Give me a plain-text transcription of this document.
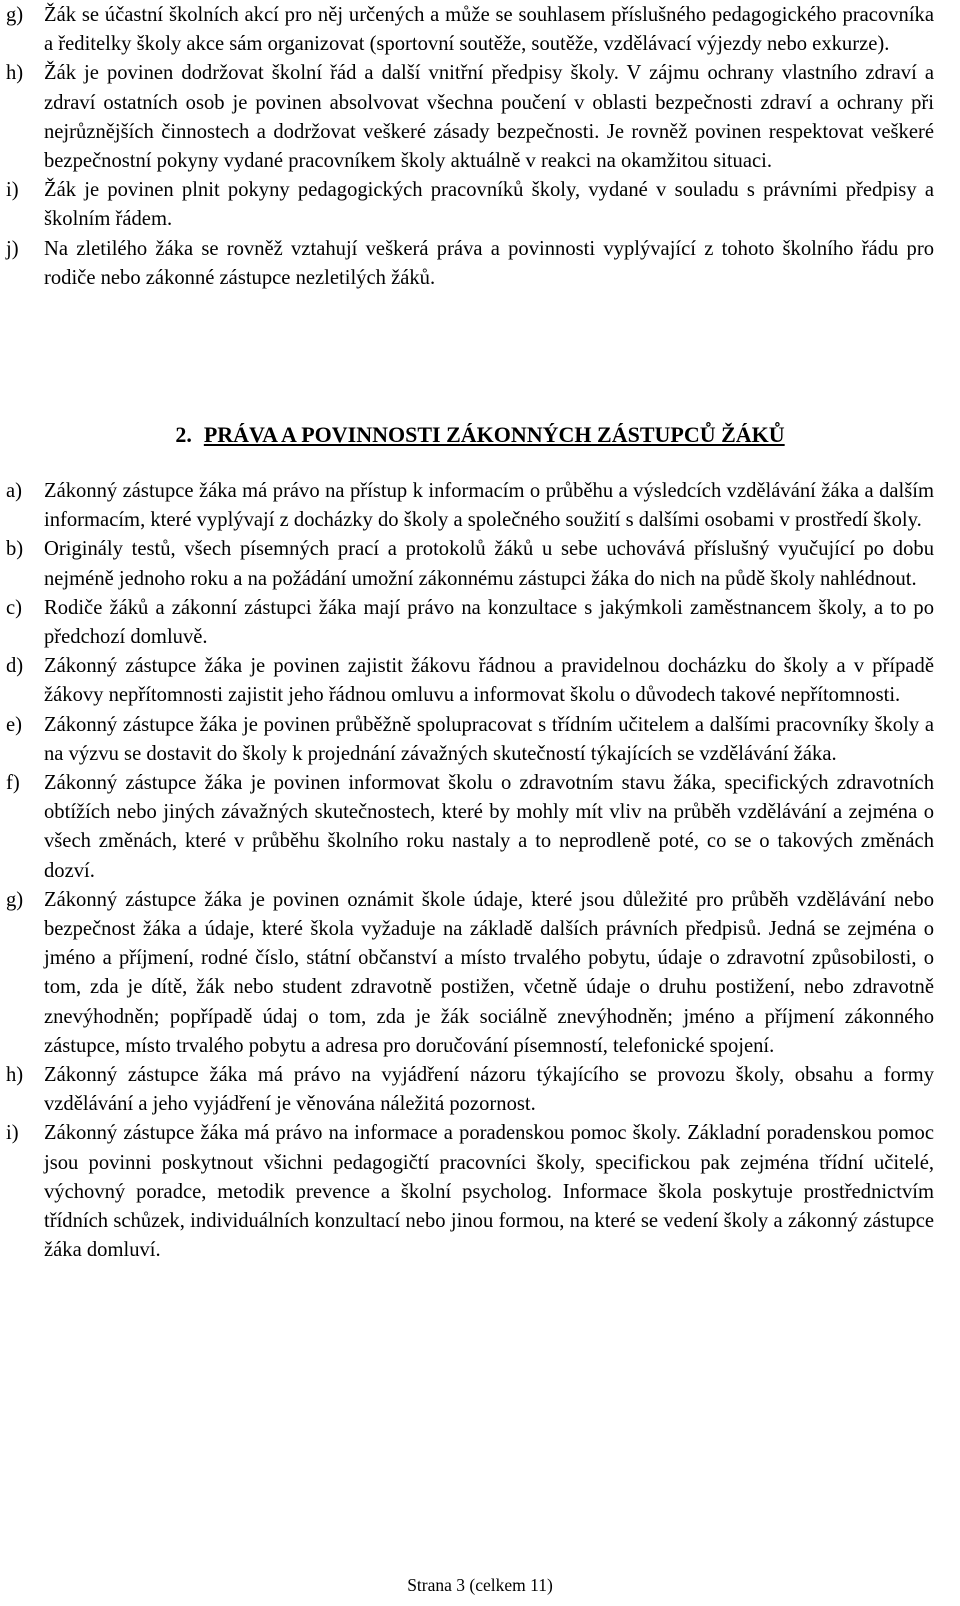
g)	Žák se účastní školních akcí pro něj určených a může se souhlasem příslušného pedagogického pracovníka a ředitelky školy akce sám organizovat (sportovní soutěže, soutěže, vzdělávací výjezdy nebo exkurze).
h)	Žák je povinen dodržovat školní řád a další vnitřní předpisy školy. V zájmu ochrany vlastního zdraví a zdraví ostatních osob je povinen absolvovat všechna poučení v oblasti bezpečnosti zdraví a ochrany při nejrůznějších činnostech a dodržovat veškeré zásady bezpečnosti. Je rovněž povinen respektovat veškeré bezpečnostní pokyny vydané pracovníkem školy aktuálně v reakci na okamžitou situaci.
i)	Žák je povinen plnit pokyny pedagogických pracovníků školy, vydané v souladu s právními předpisy a školním řádem.
j)	Na zletilého žáka se rovněž vztahují veškerá práva a povinnosti vyplývající z tohoto školního řádu pro rodiče nebo zákonné zástupce nezletilých žáků.
2. PRÁVA A POVINNOSTI ZÁKONNÝCH ZÁSTUPCŮ ŽÁKŮ
a)	Zákonný zástupce žáka má právo na přístup k informacím o průběhu a výsledcích vzdělávání žáka a dalším informacím, které vyplývají z docházky do školy a společného soužití s dalšími osobami v prostředí školy.
b)	Originály testů, všech písemných prací a protokolů žáků u sebe uchovává příslušný vyučující po dobu nejméně jednoho roku a na požádání umožní zákonnému zástupci žáka do nich na půdě školy nahlédnout.
c)	Rodiče žáků a zákonní zástupci žáka mají právo na konzultace s jakýmkoli zaměstnancem školy, a to po předchozí domluvě.
d)	Zákonný zástupce žáka je povinen zajistit žákovu řádnou a pravidelnou docházku do školy a v případě žákovy nepřítomnosti zajistit jeho řádnou omluvu a informovat školu o důvodech takové nepřítomnosti.
e)	Zákonný zástupce žáka je povinen průběžně spolupracovat s třídním učitelem a dalšími pracovníky školy a na výzvu se dostavit do školy k projednání závažných skutečností týkajících se vzdělávání žáka.
f)	Zákonný zástupce žáka je povinen informovat školu o zdravotním stavu žáka, specifických zdravotních obtížích nebo jiných závažných skutečnostech, které by mohly mít vliv na průběh vzdělávání a zejména o všech změnách, které v průběhu školního roku nastaly a to neprodleně poté, co se o takových změnách dozví.
g)	Zákonný zástupce žáka je povinen oznámit škole údaje, které jsou důležité pro průběh vzdělávání nebo bezpečnost žáka a údaje, které škola vyžaduje na základě dalších právních předpisů. Jedná se zejména o jméno a příjmení, rodné číslo, státní občanství a místo trvalého pobytu, údaje o zdravotní způsobilosti, o tom, zda je dítě, žák nebo student zdravotně postižen, včetně údaje o druhu postižení, nebo zdravotně znevýhodněn; popřípadě údaj o tom, zda je žák sociálně znevýhodněn; jméno a příjmení zákonného zástupce, místo trvalého pobytu a adresa pro doručování písemností, telefonické spojení.
h)	Zákonný zástupce žáka má právo na vyjádření názoru týkajícího se provozu školy, obsahu a formy vzdělávání a jeho vyjádření je věnována náležitá pozornost.
i)	Zákonný zástupce žáka má právo na informace a poradenskou pomoc školy. Základní poradenskou pomoc jsou povinni poskytnout všichni pedagogičtí pracovníci školy, specifickou pak zejména třídní učitelé, výchovný poradce, metodik prevence a školní psycholog. Informace škola poskytuje prostřednictvím třídních schůzek, individuálních konzultací nebo jinou formou, na které se vedení školy a zákonný zástupce žáka domluví.
Strana 3 (celkem 11)
